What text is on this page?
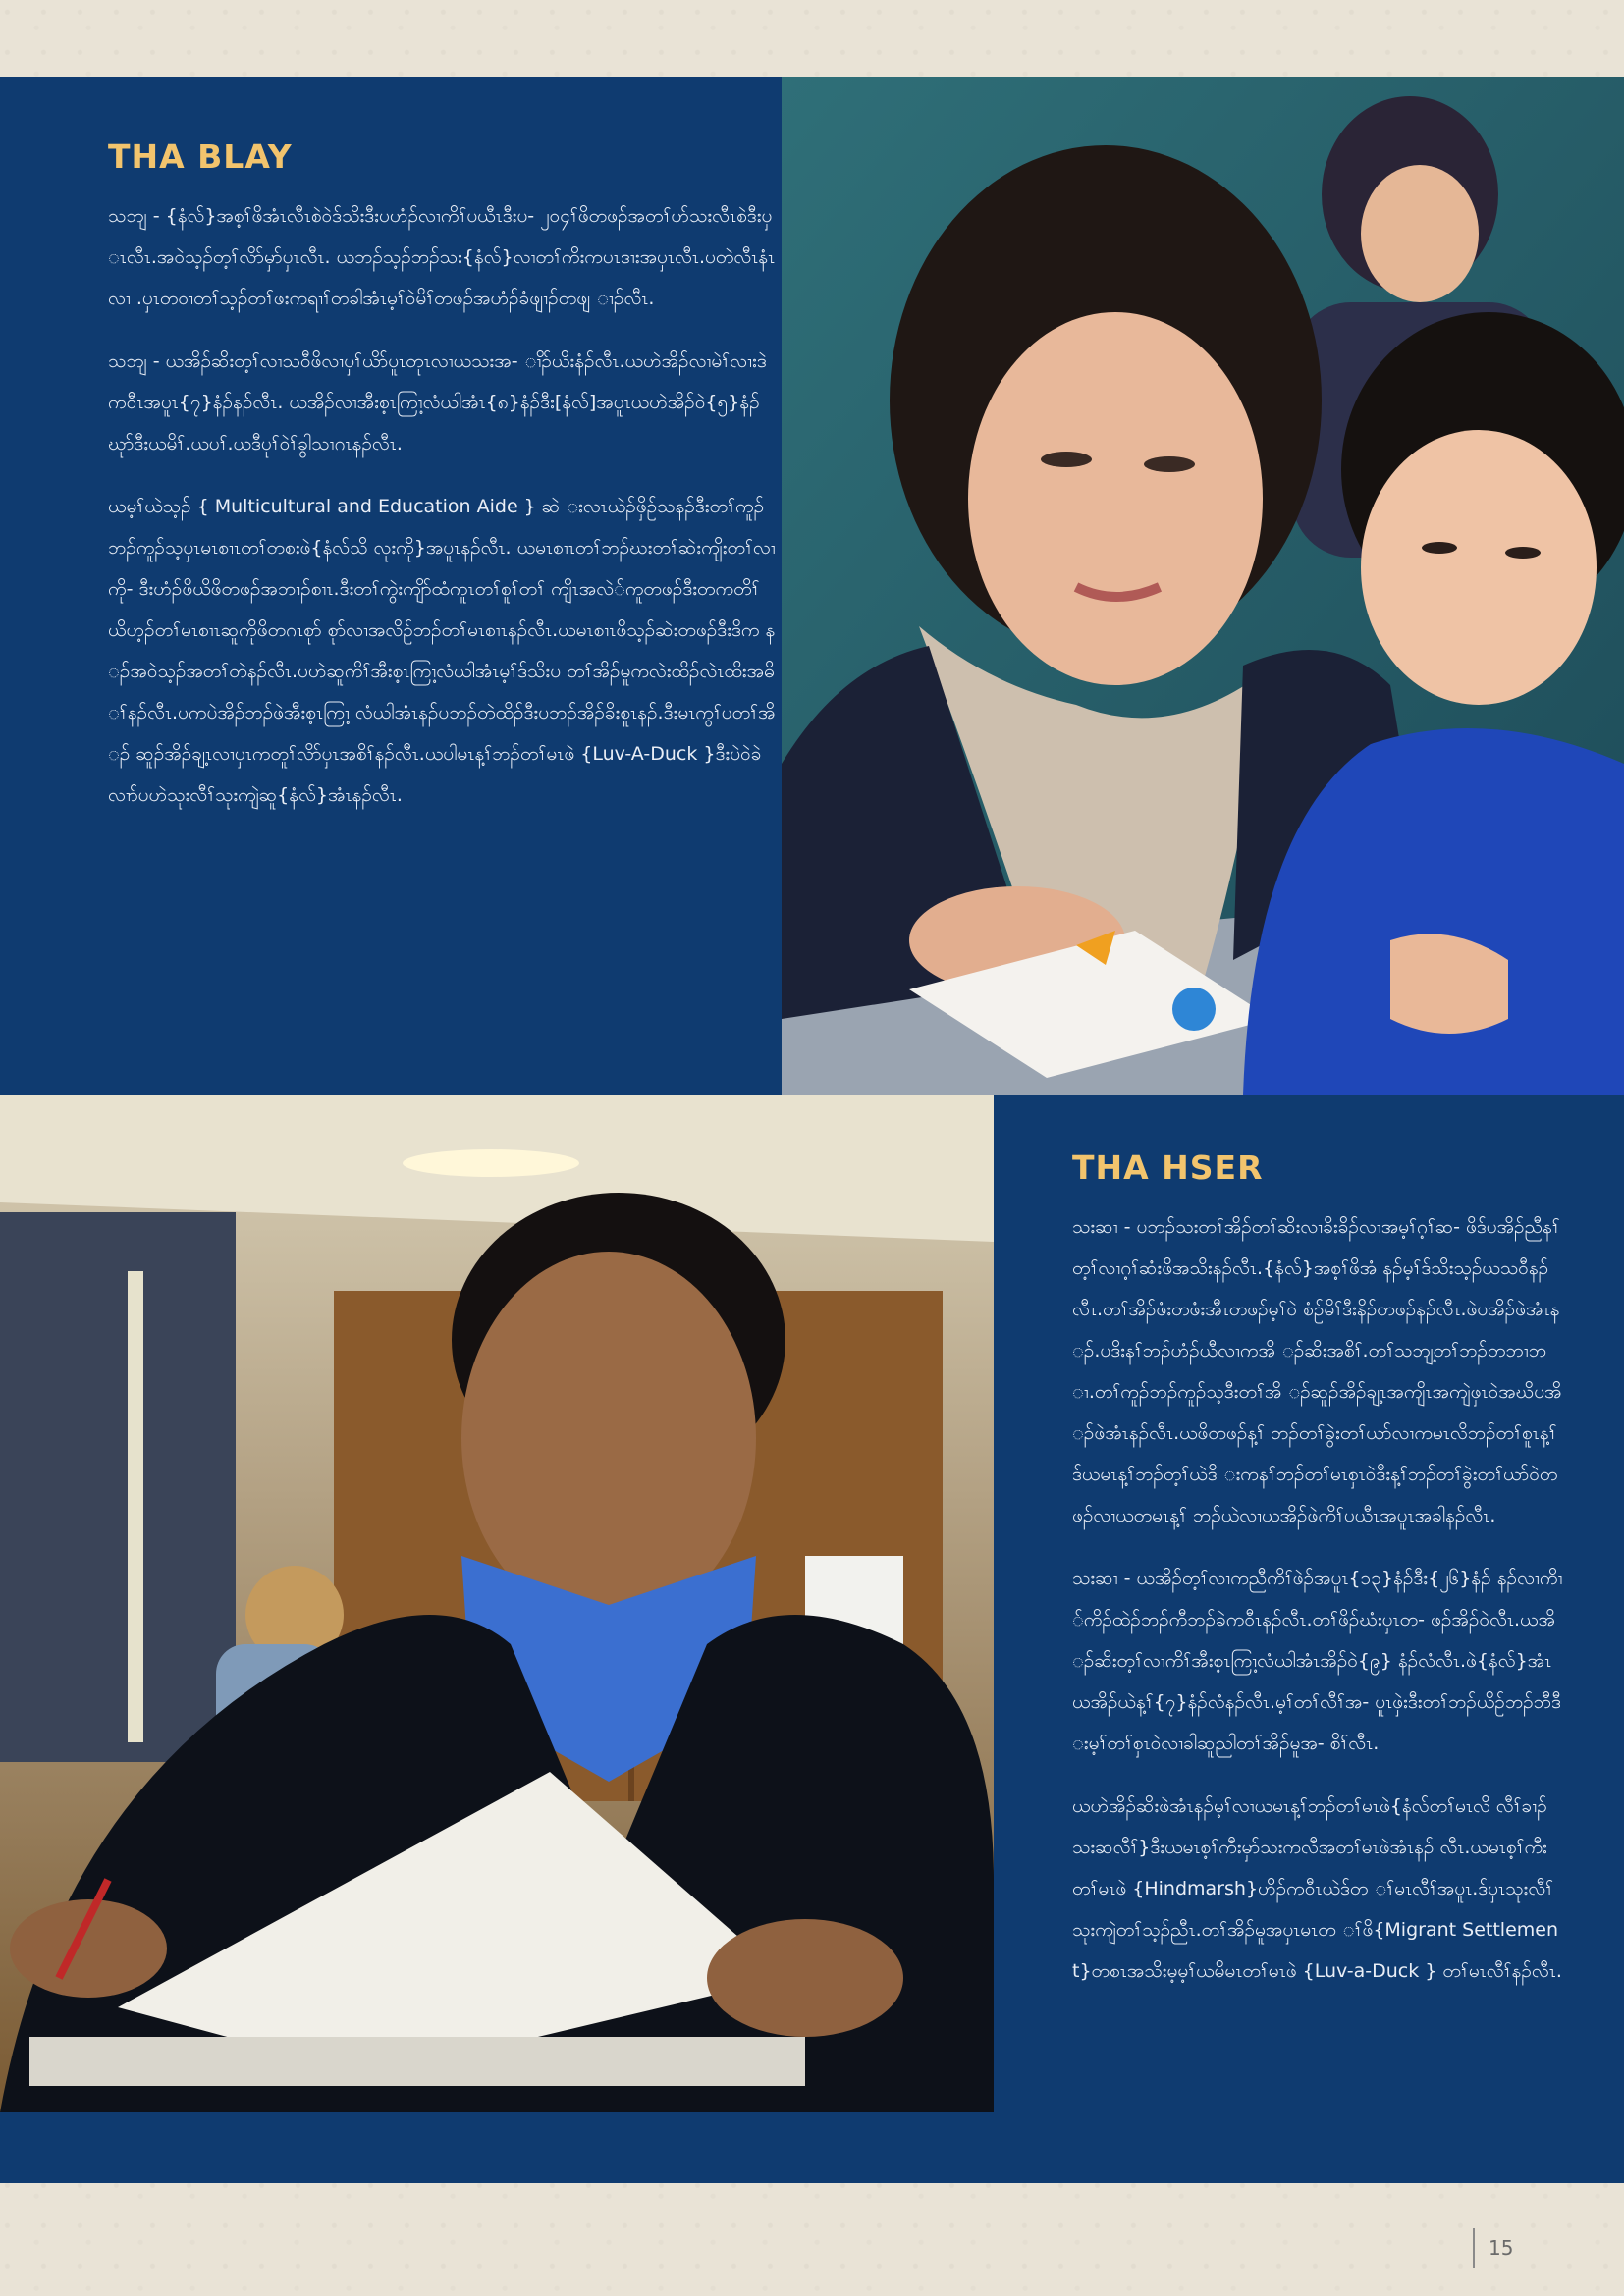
THA BLAY

သဘျ - {နံလ်}အစ့ၢ်ဖိအံၤလီၤစဲဝဲဒ်သိးဒီးပဟံၣ်လၢကိၢ်ပယီၤဒီးပ- ၂၀၄ၢ်ဖိတဖၣ်အတၢ်ဟ်သးလီၤစဲဒီးပှၤလီၤ.အဝဲသ့ၣ်တ့ၢ်လိာ်မှာ်ပှၤလီၤ. ယဘၣ်သ့ၣ်ဘၣ်သး{နံလ်}လၢတၢ်ကိးကပၤဒၢးအပှၤလီၤ.ပတဲလီၤနံၤလၢ .ပှၤတဝၢတၢ်သ့ၣ်တၢ်ဖးကရၢၢ်တခါအံၤမ့ၢ်ဝဲမိၢ်တဖၣ်အဟံၣ်ခံဖျၢၣ်တဖျ ၢၣ်လီၤ.

သဘျ - ယအိၣ်ဆိးတ့ၢ်လၢသဝီဖိလၢပှၢ်ယိာ်ပူၤတုၤလၢယသးအ- ၢိၣ်ယိးနံၣ်လီၤ.ယဟဲအိၣ်လၢမဲၢ်လၢးဒဲကဝီၤအပူၤ{၇}နံၣ်နၣ်လီၤ. ယအိၣ်လၢအီးစ့ၤကြၢ့လံယါအံၤ{၈}နံၣ်ဒီး[နံလ်]အပူၤယဟဲအိၣ်ဝဲ{၅}နံၣ် ဃုာ်ဒီးယမိၢ်.ယပၢ်.ယဒီပုၢ်ဝဲၢ်ခွါသၢဂၤနၣ်လီၤ.

ယမ့ၢ်ယဲသ့ၣ် { Multicultural and Education Aide } ဆဲ းလၤယဲၣ်ဖှိဉ်သနၣ်ဒီးတၢ်ကူၣ်ဘၣ်ကူၣ်သ့ပှၤမၤစၢၤတၢ်တစးဖဲ{နံလ်သိ လုးကို}အပူၤနၣ်လီၤ. ယမၤစၢၤတၢ်ဘၣ်ဃးတၢ်ဆဲးကျိးတၢ်လၢကို- ဒီးဟံၣ်ဖိယိဖိတဖၣ်အဘၢၣ်စၢၤ.ဒီးတၢ်ကွဲးကျိာ်ထံကူၤတၢ်စူၢ်တၢ် ကျိၤအလဲ်ကူတဖၣ်ဒီးတကတိၢ်ယိဟ့ၣ်တၢ်မၤစၢၤဆူကိုဖိတဂၤစုာ် စုာ်လၢအလိဉ်ဘၣ်တၢ်မၤစၢၤနၣ်လီၤ.ယမၤစၢၤဖိသ့ၣ်ဆဲးတဖၣ်ဒီးဒိက နၣ်အဝဲသ့ၣ်အတၢ်တဲနၣ်လီၤ.ပဟဲဆူကိၢ်အီးစ့ၤကြၢ့လံယါအံၤမ့ၢ်ဒ်သိးပ တၢ်အိၣ်မူကလဲးထိၣ်လဲၤထိးအဓိၢ်နၣ်လီၤ.ပကပဲအိၣ်ဘၣ်ဖဲအီးစ့ၤကြၢ့ လံယါအံၤနၣ်ပဘၣ်တဲထိၣ်ဒီးပဘၣ်အိၣ်ခိးစူၤနၣ်.ဒီးမၤကွၢ်ပတၢ်အိၣ် ဆူၣ်အိၣ်ချ့ၤလၢပှၤကတူၢ်လိာ်ပှၤအစိၢ်နၣ်လီၤ.ယပါမၤန့ၢ်ဘၣ်တၢ်မၤဖဲ {Luv-A-Duck }ဒီးပဲဝဲခဲလၢာ်ပဟဲသုးလီၢ်သုးကျဲဆူ{နံလ်}အံၤနၣ်လီၤ.

THA HSER

သးဆၢ - ပဘၣ်သးတၢ်အိၣ်တၢ်ဆိးလၢခိးခိၣ်လၢအမ့ၢ်ဂ့ၢ်ဆ- ဖိဒ်ပအိၣ်ညီနၢ်တ့ၢ်လၢဂ့ၢ်ဆံးဖိအသိးနၣ်လီၤ.{နံလ်}အစ့ၢ်ဖိအံ နၣ်မ့ၢ်ဒ်သိးသ့ၣ်ယသဝီနၣ်လီၤ.တၢ်အိၣ်ဖံးတဖံးအီၤတဖၣ်မ့ၢ်ဝဲ စံဉ်မိၢ်ဒီးနိၣ်တဖၣ်နၣ်လီၤ.ဖဲပအိၣ်ဖဲအံၤနၣ်.ပဒိးနၢ်ဘၣ်ဟံၣ်ယီလၢကအိ ၣ်ဆိးအစိၢ်.တၢ်သဘျ့တၢ်ဘၣ်တဘၢဘၢ.တၢ်ကူၣ်ဘၣ်ကူၣ်သ့ဒီးတၢ်အိ ၣ်ဆူၣ်အိၣ်ချ့ၤအကျိၤအကျဲဖှၤဝဲအဃိပအိၣ်ဖဲအံၤနၣ်လီၤ.ယဖိတဖၣ်န့ၢ် ဘၣ်တၢ်ခွဲးတၢ်ယာ်လၢကမၤလိဘၣ်တၢ်စူၤန့ၢ်ဒ်ယမၤန့ၢ်ဘၣ်တ့ၢ်ယဲဒိ းကနၢ်ဘၣ်တၢ်မၤစှၤဝဲဒီးန့ၢ်ဘၣ်တၢ်ခွဲးတၢ်ယာ်ဝဲတဖၣ်လၢယတမၤန့ၢ် ဘၣ်ယဲလၢယအိၣ်ဖဲကိၢ်ပယီၤအပူၤအခါနၣ်လီၤ.

သးဆၢ - ယအိၣ်တ့ၢ်လၢကညီကိၢ်ဖဲၣ်အပူၤ{၁၃}နံၣ်ဒီး{၂၆}နံၣ် နၣ်လၢကိၢ်ကိၣ်ထဲၣ်ဘၣ်ကီဘၣ်ခဲကဝီၤနၣ်လီၤ.တၢ်ဖိၣ်ဃံးပှၤတ- ဖၣ်အိၣ်ဝဲလီၤ.ယအိၣ်ဆိးတ့ၢ်လၢကိၢ်အီးစ့ၤကြၢ့လံယါအံၤအိၣ်ဝဲ{၉} နံၣ်လံလီၤ.ဖဲ{နံလ်}အံၤယအိၣ်ယဲန့ၢ်{၇}နံၣ်လံနၣ်လီၤ.မ့ၢ်တၢ်လီၢ်အ- ပူၤဖှဲးဒီးတၢ်ဘၣ်ယိဉ်ဘၣ်ဘီဒီးမ့ၢ်တၢ်စှၤဝဲလၢခါဆူညါတၢ်အိၣ်မူအ- စိၢ်လီၤ.

ယဟဲအိၣ်ဆိးဖဲအံၤနၣ်မ့ၢ်လၢယမၤန့ၢ်ဘၣ်တၢ်မၤဖဲ{နံလ်တၢ်မၤလိ လီၢ်ခၢၣ်သးဆလီၢ်}ဒီးယမၤစ့ၢ်ကီးမှာ်သးကလီအတၢ်မၤဖဲအံၤနၣ် လီၤ.ယမၤစ့ၢ်ကီးတၢ်မၤဖဲ {Hindmarsh}ဟိၣ်ကဝီၤယဲဒ်တ ၢ်မၤလီၢ်အပူၤ.ဒ်ပှၤသုးလီၢ်သုးကျဲတၢ်သ့ၣ်ညီၤ.တၢ်အိၣ်မူအပှၤမၤတ ၢ်ဖိ{Migrant Settlement}တစၤအသိးမ့မ့ၢ်ယမိမၤတၢ်မၤဖဲ {Luv-a-Duck } တၢ်မၤလီၢ်နၣ်လီၤ.

15
